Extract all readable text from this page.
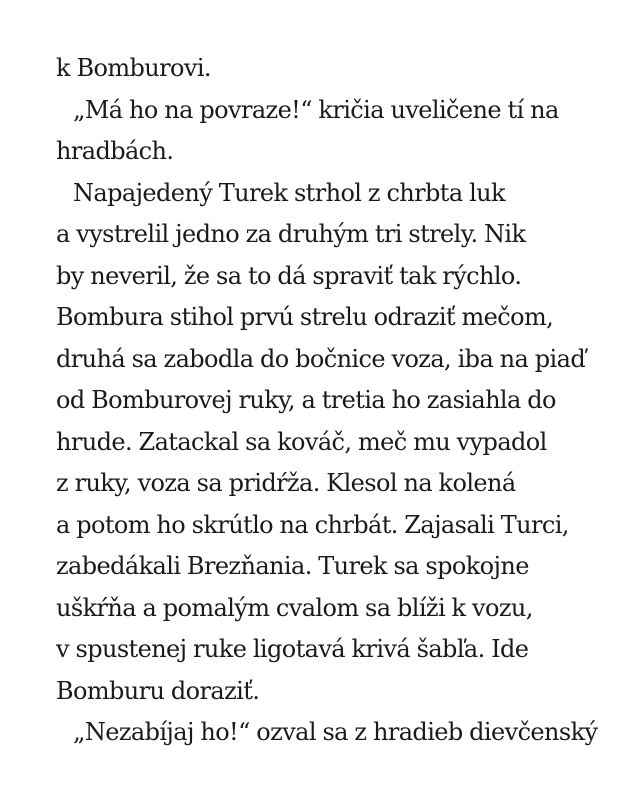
k Bomburovi.
„Má ho na povraze!“ kričia uveličene tí na
hradbách.
Napajedený Turek strhol z chrbta luk
a vystrelil jedno za druhým tri strely. Nik
by neveril, že sa to dá spraviť tak rýchlo.
Bombura stihol prvú strelu odraziť mečom,
druhá sa zabodla do bočnice voza, iba na piaď
od Bomburovej ruky, a tretia ho zasiahla do
hrude. Zatackal sa kováč, meč mu vypadol
z ruky, voza sa pridŕža. Klesol na kolená
a potom ho skrútlo na chrbát. Zajasali Turci,
zabedákali Brezňania. Turek sa spokojne
uškŕňa a pomalým cvalom sa blíži k vozu,
v spustenej ruke ligotavá krivá šabľa. Ide
Bomburu doraziť.
„Nezabíjaj ho!“ ozval sa z hradieb dievčenský
